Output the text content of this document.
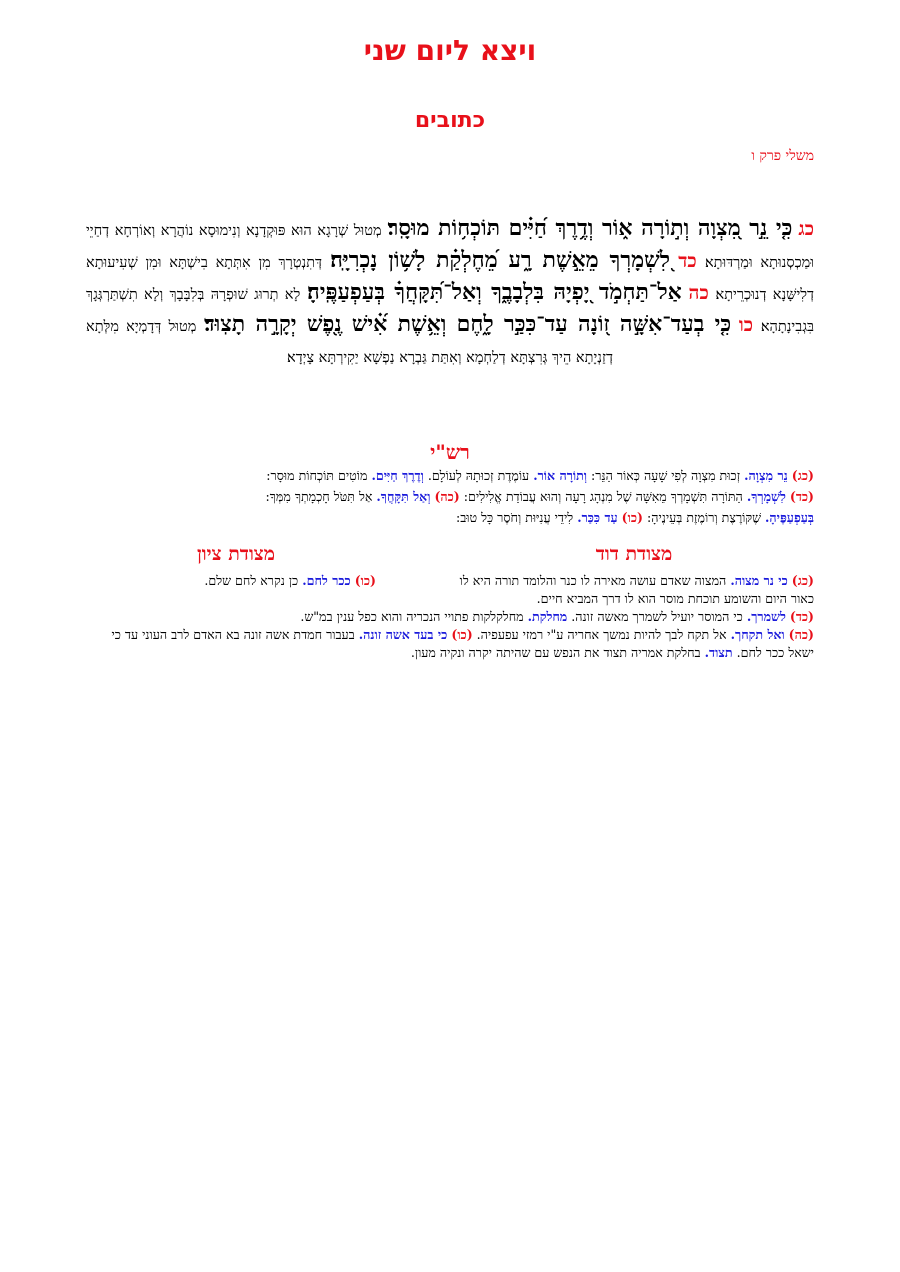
ויצא ליום שני
כתובים
משלי פרק ו
כג כִּ֤י נֵ֣ר מִ֭צְוָה וְת֣וֹרָה א֑וֹר וְדֶ֥רֶךְ חַ֝יִּ֗ים תּוֹכְח֥וֹת מוּסָֽר׃ מְטוּל שְׁרָגָא הוּא פּוּקְדָנָא וְנִימוּסָא נוֹהֲרָא וְאוֹרְחָא דְחַיֵי וּמַכְסְנוּתָא וּמַרְדּוּתָא׃ כד לִ֭שְׁמָרְךָ מֵאֵ֣שֶׁת רָ֑ע מֵ֝חֶלְקַ֗ת לָשׁ֥וֹן נָכְרִיָּֽה׃ דְּתִנְטְרָךְ מִן אִתְּתָא בִישְׁתָּא וּמִן שְׁעִיעוּתָא דְלִישָּׁנָא דְנוּכְרֵיתָא׃ כה אַל־תַּחְמֹ֣ד יָ֭פְיָהּ בִּלְבָבֶ֑ךָ וְאַל־תִּ֝קָּחֲךָ֗ בְּעַפְעַפֶּֽיהָ׃ לָא תְרוּג שׁוּפְרָהּ בְּלִבָּבָךְ וְלָא תִשְׁתַּרְגְּגָךְ בִּגְבִינָתָהָא׃ כו כִּ֤י בְעַד־אִשָּׁ֣ה ז֭וֹנָה עַד־כִּכַּ֣ר לָ֑חֶם וְאֵ֥שֶׁת אִ֝֗ישׁ נֶ֖פֶשׁ יְקָרָ֣ה תָצֽוּד׃ מְטוּל דְּדָמְיָא מִלְּתָא דְזַנְיָתָא הֵיךְ גְּרִצְתָּא דְלַחְמָא וְאִתַּת גַּבְרָא נַפְשָׁא יַקִירְתָּא צָיְדָא׃
רש"י
(כג) נֵר מִצְוָה. זְכוּת מִצְוָה לְפִי שָׁעָה כְּאוֹר הַנֵּר: וְתוֹרָה אוֹר. עוֹמֶדֶת זְכוּתָהּ לְעוֹלָם. וְדֶרֶךְ חַיִּים. מוֹטִים תּוֹכְחוֹת מוּסָר:
(כד) לִשְׁמָרְךָ. הַתּוֹרָה תִּשְׁמָרְךָ מֵאִשָּׁה שֶׁל מִנְהָג רָעָה וְהוּא עֲבוֹדַת אֱלִילִים: (כה) וְאַל תִּקָּחֲךָ. אַל תִּטֹּל חָכְמָתְךָ מִמְּךָ:
בְּעַפְעַפֶּיהָ. שֶׁקּוֹרֶצֶת וְרוֹמֶזֶת בְּעֵינֶיהָ: (כו) עַד כִּכַּר. לִידֵי עֲנִיּוּת וְחֹסֶר כָּל טוּב:
מצודת דוד
מצודת ציון
(כו) ככר לחם. כן נקרא לחם שלם.	(כג) כי נר מצוה. המצוה שאדם עושה מאירה לו כנר והלומד תורה היא לו כאור היום והשומע תוכחת מוסר הוא לו דרך המביא חיים.
(כד) לשמרך. כי המוסר יועיל לשמרך מאשה זונה. מחלקת. מחלקלקות פתויי הנכריה והוא כפל ענין במ"ש.
(כה) ואל תקחך. אל תקח לבך להיות נמשך אחריה ע"י רמזי עפעפיה. (כו) כי בעד אשה זונה. בעבור חמדת אשה זונה בא האדם לרב העוני עד כי ישאל ככר לחם. תצוד. בחלקת אמריה תצוד את הנפש עם שהיתה יקרה ונקיה מעון.
